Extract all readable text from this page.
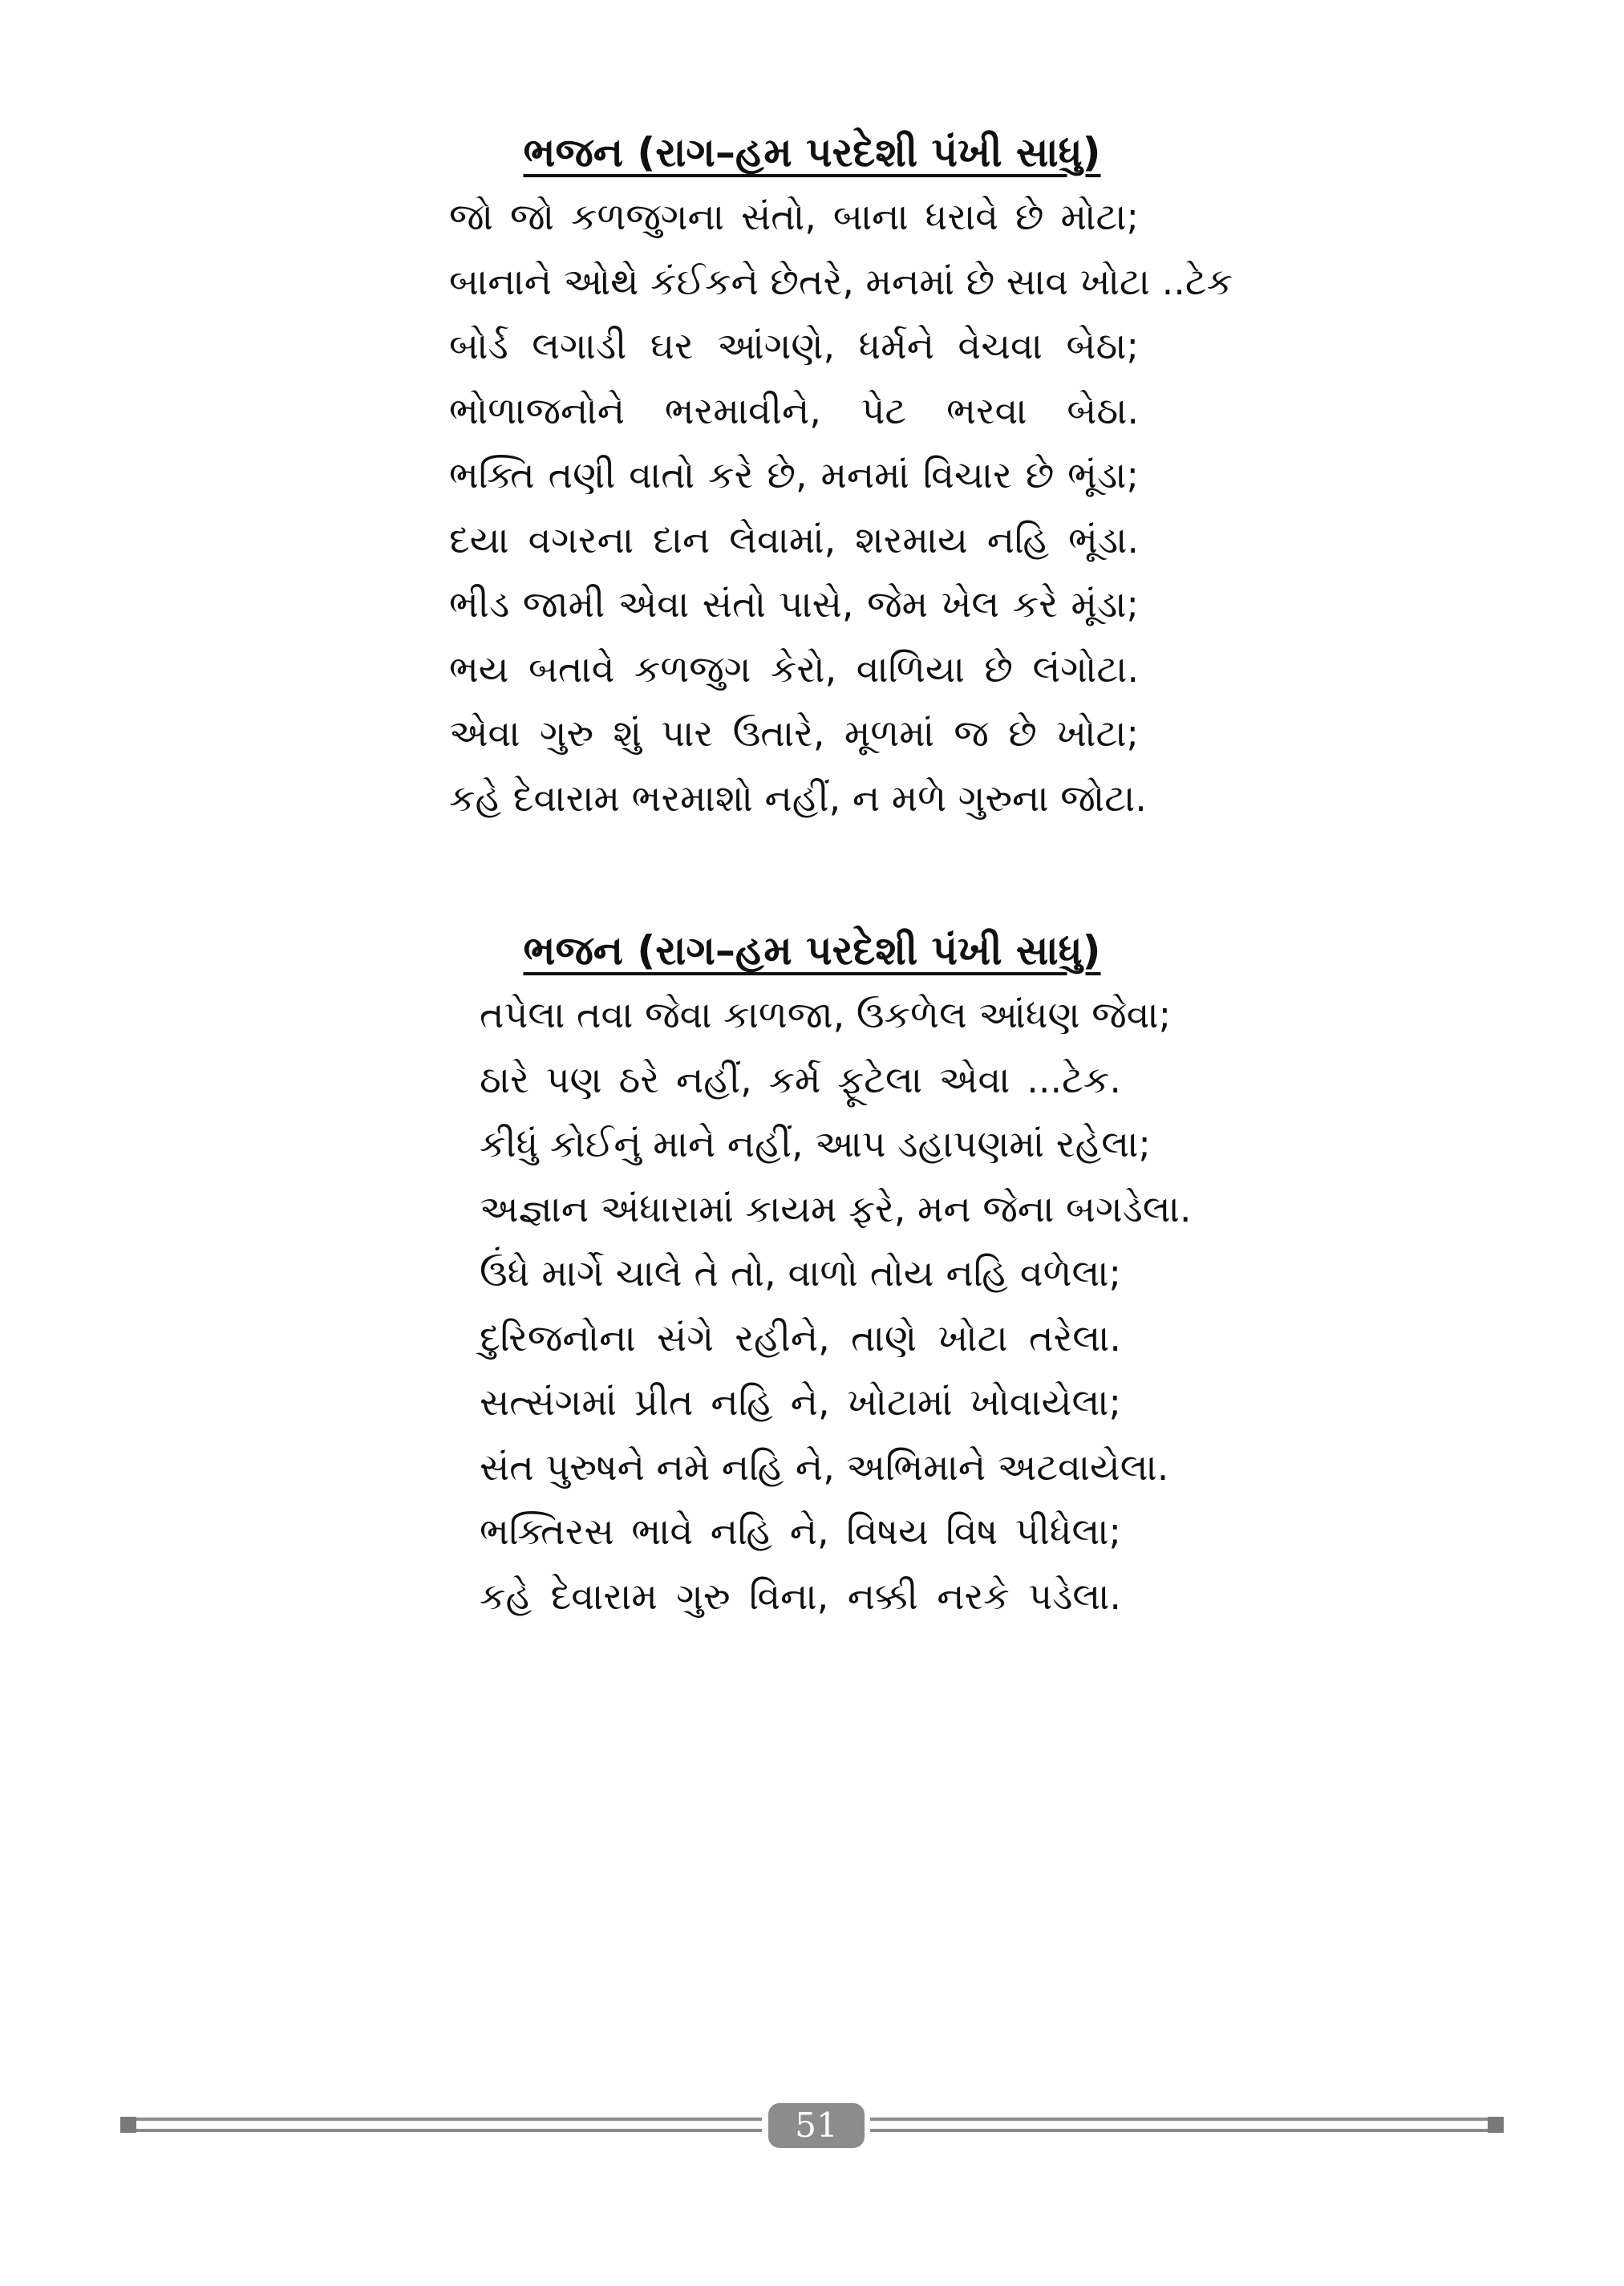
ભજન (રાગ–હમ પરદેશી પંખી સાધુ)
જો જો કળજુગના સંતો, બાના ધરાવે છે મોટા;
બાનાને ઓથે કંઈકને છેતરે, મનમાં છે સાવ ખોટા ..ટેક
બોર્ડ લગાડી ઘર આંગણે, ધર્મને વેચવા બેઠા;
ભોળાજનોને ભરમાવીને, પેટ ભરવા બેઠા.
ભક્તિ તણી વાતો કરે છે, મનમાં વિચાર છે ભૂંડા;
દયા વગરના દાન લેવામાં, શરમાય નહિ ભૂંડા.
ભીડ જામી એવા સંતો પાસે, જેમ ખેલ કરે મૂંડા;
ભય બતાવે કળજુગ કેરો, વાળિયા છે લંગોટા.
એવા ગુરુ શું પાર ઉતારે, મૂળમાં જ છે ખોટા;
કહે દેવારામ ભરમાશો નહીં, ન મળે ગુરુના જોટા.
ભજન (રાગ–હમ પરદેશી પંખી સાધુ)
તપેલા તવા જેવા કાળજા, ઉકળેલ આંધણ જેવા;
ઠારે પણ ઠરે નહીં, કર્મ ફૂટેલા એવા ...ટેક.
કીધું કોઈનું માને નહીં, આપ ડહાપણમાં રહેલા;
અજ્ઞાન અંધારામાં કાયમ ફરે, મન જેના બગડેલા.
ઉંધે માર્ગે ચાલે તે તો, વાળો તોય નહિ વળેલા;
દુરિજનોના સંગે રહીને, તાણે ખોટા તરેલા.
સત્સંગમાં પ્રીત નહિ ને, ખોટામાં ખોવાયેલા;
સંત પુરુષને નમે નહિ ને, અભિમાને અટવાયેલા.
ભક્તિરસ ભાવે નહિ ને, વિષય વિષ પીધેલા;
કહે દેવારામ ગુરુ વિના, નક્કી નરકે પડેલા.
51
